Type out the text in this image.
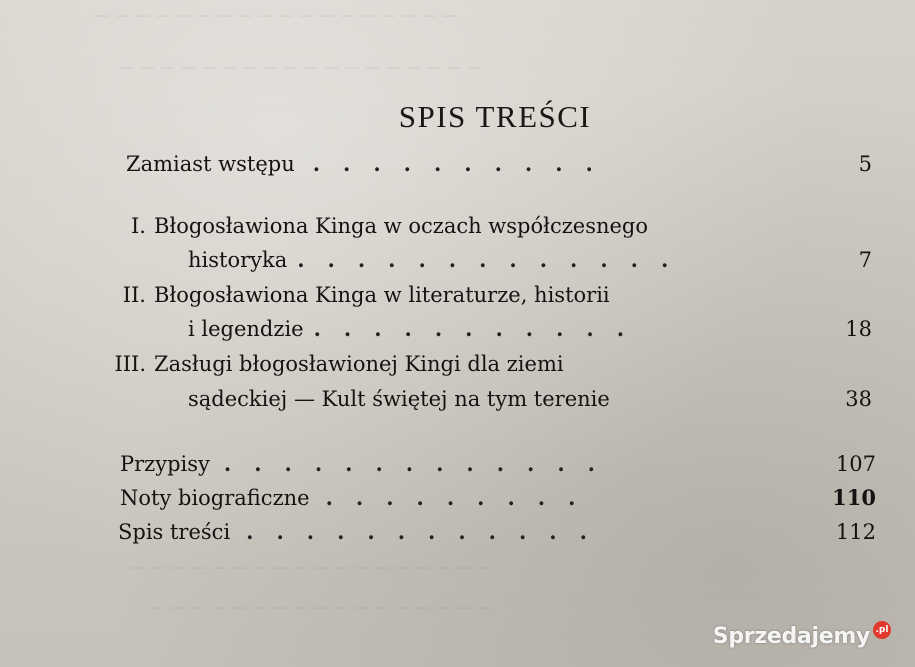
— — — — — — — — — — — — — — — — — —
— — — — — — — — — — — — — — — — — —
— — — — — — — — — — — — — — — — — —
— — — — — — — — — — — — — — — — —
SPIS TREŚCI
Zamiast wstępu ..........	5
I. Błogosławiona Kinga w oczach współczesnego
historyka .............	7
II. Błogosławiona Kinga w literaturze, historii
i legendzie ...........	18
III. Zasługi błogosławionej Kingi dla ziemi
sądeckiej — Kult świętej na tym terenie	38
Przypisy .............	107
Noty biograficzne .........	110
Spis treści ............	112
Sprzedajemy .pl
